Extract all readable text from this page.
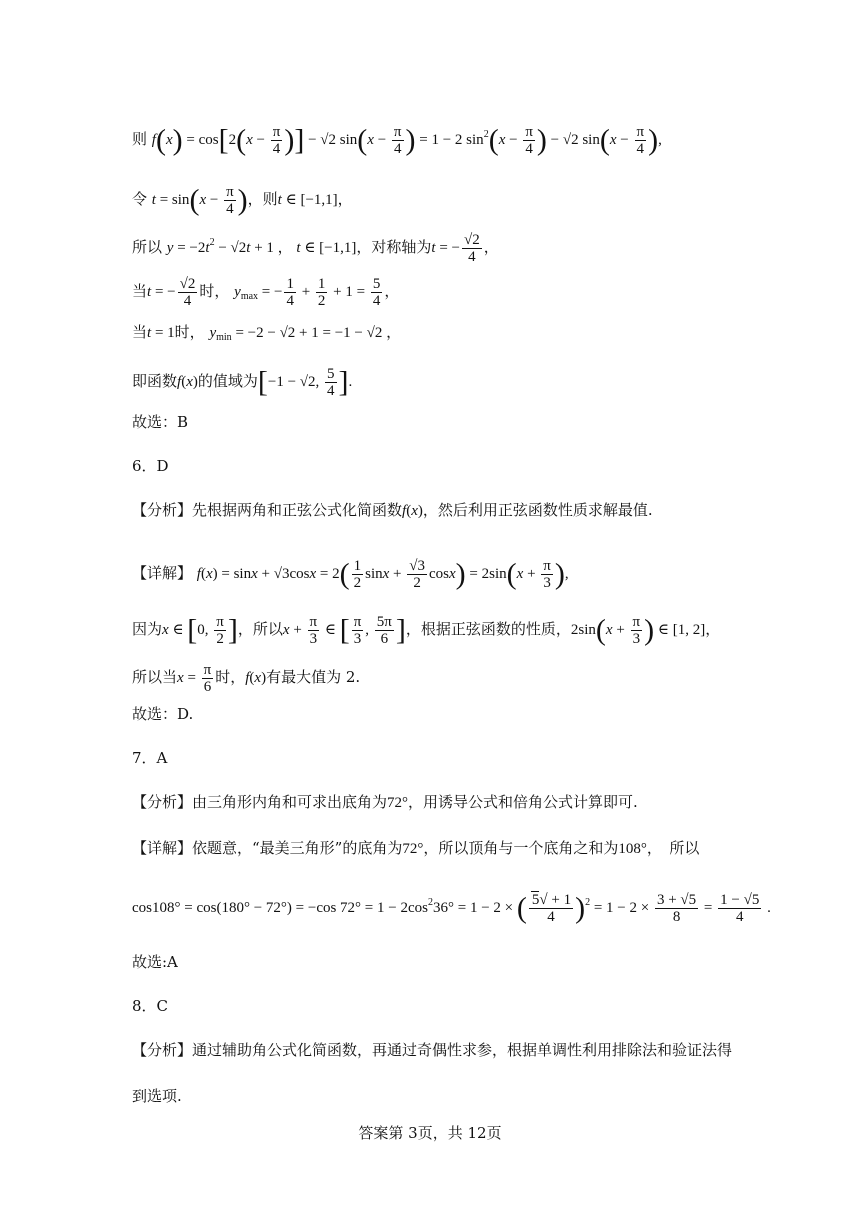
则 $f(x) = \cos[2(x - \frac{\pi}{4}$ )] − √2 $\sin(x - \frac{\pi}{4}$ ) = 1 − 2 $\sin^2(x - \frac{\pi}{4}$ ) − √2 $\sin(x - \frac{\pi}{4}$ ),
令 $t = \sin(x - \frac{\pi}{4}$ )，则t ∈ [−1,1]，
所以 $y = -2t^2 - √2t + 1$ ， t ∈ [−1,1]，对称轴为t = − $\frac{√2}{4}$ ，
当t = − $\frac{√2}{4}$ 时， $y_{max}$ = − $\frac{1}{4} + \frac{1}{2} + 1 = \frac{5}{4}$ ，
当t = 1时， $y_{min} = -2 - √2 + 1 = -1 - √2$ ，
即函数f(x)的值域为[−1 − √2, $\frac{5}{4}$ ].
故选：B
6．D
【分析】先根据两角和正弦公式化简函数f(x)，然后利用正弦函数性质求解最值.
【详解】 $f(x) = \sin x + √3\cos x = 2( \frac{1}{2}$ $\sin x + \frac{√3}{2} \cos x) = 2\sin(x + \frac{\pi}{3}$ ),
因为x ∈ [0, $\frac{\pi}{2}$ ]，所以$x + \frac{\pi}{3}$ ∈ [ $\frac{\pi}{3}$ , $\frac{5\pi}{6}$ ]，根据正弦函数的性质，$2\sin(x + \frac{\pi}{3}$ ) ∈ [1, 2]，
所以当$x = \frac{\pi}{6}$ 时，f(x)有最大值为 2.
故选：D.
7．A
【分析】由三角形内角和可求出底角为72°，用诱导公式和倍角公式计算即可.
【详解】依题意，“最美三角形”的底角为72°，所以顶角与一个底角之和为108°，　所以
cos108° = cos(180° − 72°) = −cos $72^\circ = 1 - 2\cos^236^\circ = 1 - 2$ × ( $\frac{5√ + 1}{4} )^2 = 1 - 2 \times \frac{3 + √5}{8} = \frac{1 - √5}{4}$ .
故选:A
8．C
【分析】通过辅助角公式化简函数，再通过奇偶性求参，根据单调性利用排除法和验证法得
到选项.
答案第 3页，共 12页
